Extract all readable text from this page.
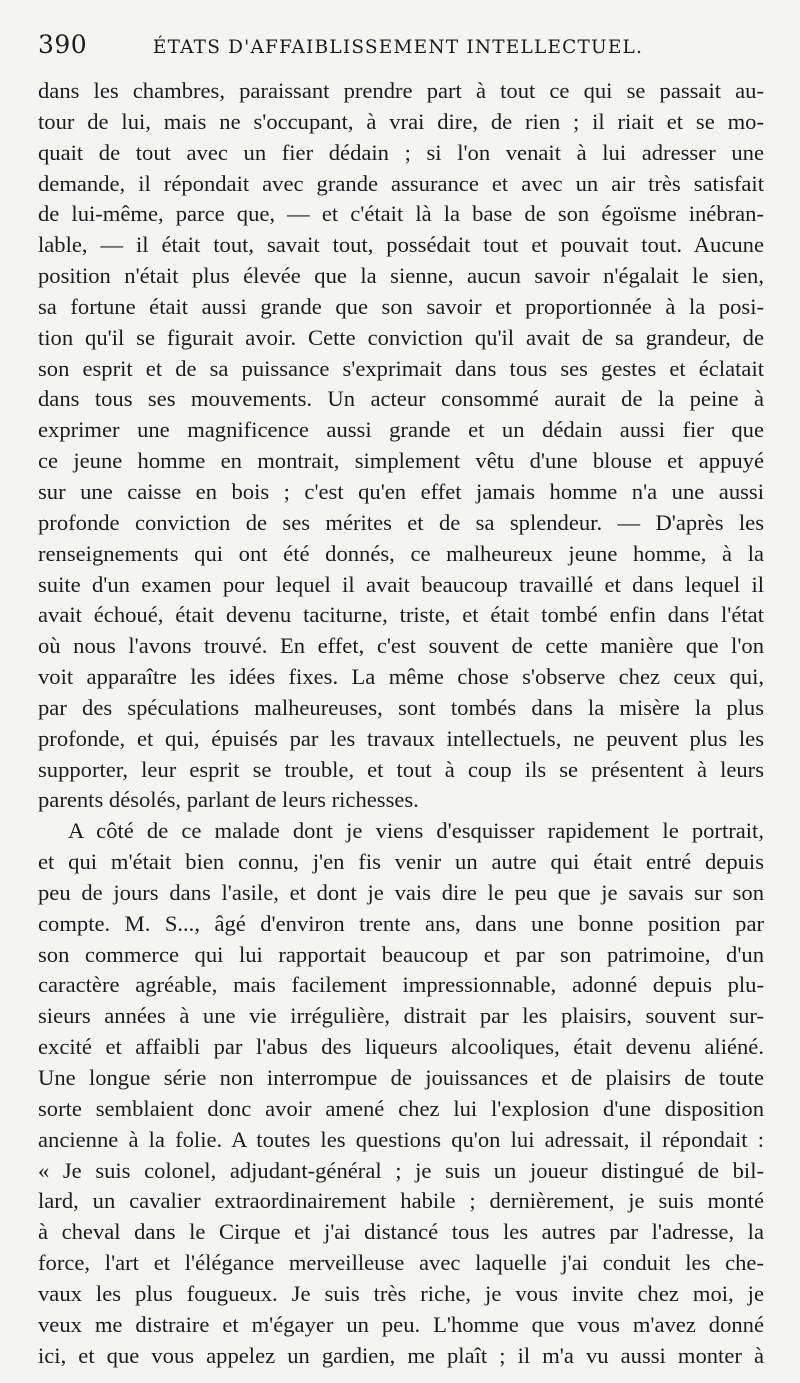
390	ÉTATS D'AFFAIBLISSEMENT INTELLECTUEL.
dans les chambres, paraissant prendre part à tout ce qui se passait au-
tour de lui, mais ne s'occupant, à vrai dire, de rien ; il riait et se mo-
quait de tout avec un fier dédain ; si l'on venait à lui adresser une
demande, il répondait avec grande assurance et avec un air très satisfait
de lui-même, parce que, — et c'était là la base de son égoïsme inébran-
lable, — il était tout, savait tout, possédait tout et pouvait tout. Aucune
position n'était plus élevée que la sienne, aucun savoir n'égalait le sien,
sa fortune était aussi grande que son savoir et proportionnée à la posi-
tion qu'il se figurait avoir. Cette conviction qu'il avait de sa grandeur, de
son esprit et de sa puissance s'exprimait dans tous ses gestes et éclatait
dans tous ses mouvements. Un acteur consommé aurait de la peine à
exprimer une magnificence aussi grande et un dédain aussi fier que
ce jeune homme en montrait, simplement vêtu d'une blouse et appuyé
sur une caisse en bois ; c'est qu'en effet jamais homme n'a une aussi
profonde conviction de ses mérites et de sa splendeur. — D'après les
renseignements qui ont été donnés, ce malheureux jeune homme, à la
suite d'un examen pour lequel il avait beaucoup travaillé et dans lequel il
avait échoué, était devenu taciturne, triste, et était tombé enfin dans l'état
où nous l'avons trouvé. En effet, c'est souvent de cette manière que l'on
voit apparaître les idées fixes. La même chose s'observe chez ceux qui,
par des spéculations malheureuses, sont tombés dans la misère la plus
profonde, et qui, épuisés par les travaux intellectuels, ne peuvent plus les
supporter, leur esprit se trouble, et tout à coup ils se présentent à leurs
parents désolés, parlant de leurs richesses.
A côté de ce malade dont je viens d'esquisser rapidement le portrait,
et qui m'était bien connu, j'en fis venir un autre qui était entré depuis
peu de jours dans l'asile, et dont je vais dire le peu que je savais sur son
compte. M. S..., âgé d'environ trente ans, dans une bonne position par
son commerce qui lui rapportait beaucoup et par son patrimoine, d'un
caractère agréable, mais facilement impressionnable, adonné depuis plu-
sieurs années à une vie irrégulière, distrait par les plaisirs, souvent sur-
excité et affaibli par l'abus des liqueurs alcooliques, était devenu aliéné.
Une longue série non interrompue de jouissances et de plaisirs de toute
sorte semblaient donc avoir amené chez lui l'explosion d'une disposition
ancienne à la folie. A toutes les questions qu'on lui adressait, il répondait :
« Je suis colonel, adjudant-général ; je suis un joueur distingué de bil-
lard, un cavalier extraordinairement habile ; dernièrement, je suis monté
à cheval dans le Cirque et j'ai distancé tous les autres par l'adresse, la
force, l'art et l'élégance merveilleuse avec laquelle j'ai conduit les che-
vaux les plus fougueux. Je suis très riche, je vous invite chez moi, je
veux me distraire et m'égayer un peu. L'homme que vous m'avez donné
ici, et que vous appelez un gardien, me plaît ; il m'a vu aussi monter à
